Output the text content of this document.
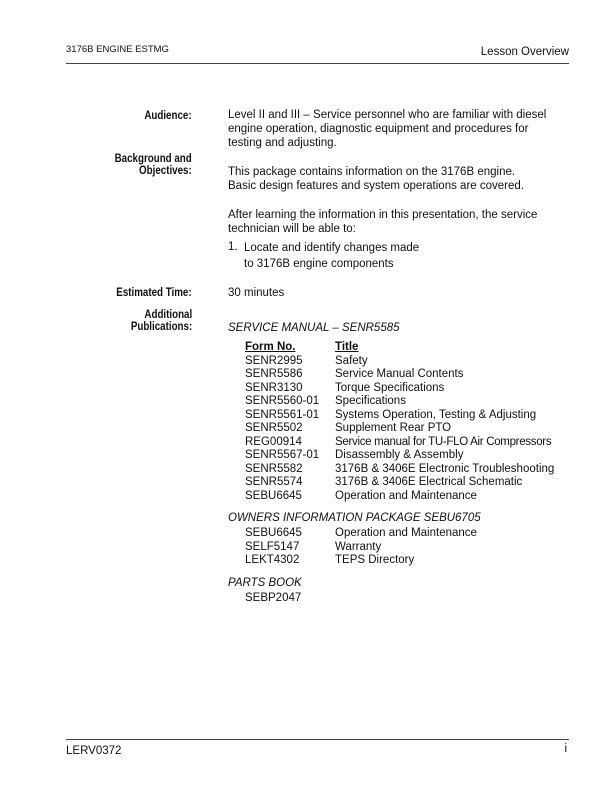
3176B ENGINE ESTMG	Lesson Overview
Audience:	Level II and III – Service personnel who are familiar with diesel
engine operation, diagnostic equipment and procedures for
testing and adjusting.
Background and
Objectives:	This package contains information on the 3176B engine.
Basic design features and system operations are covered.
After learning the information in this presentation, the service
technician will be able to:
1. Locate and identify changes made
to 3176B engine components
Estimated Time:	30 minutes
Additional
Publications:	SERVICE MANUAL – SENR5585
Form No.	Title
SENR2995	Safety
SENR5586	Service Manual Contents
SENR3130	Torque Specifications
SENR5560-01	Specifications
SENR5561-01	Systems Operation, Testing & Adjusting
SENR5502	Supplement Rear PTO
REG00914	Service manual for TU-FLO Air Compressors
SENR5567-01	Disassembly & Assembly
SENR5582	3176B & 3406E Electronic Troubleshooting
SENR5574	3176B & 3406E Electrical Schematic
SEBU6645	Operation and Maintenance
OWNERS INFORMATION PACKAGE SEBU6705
SEBU6645	Operation and Maintenance
SELF5147	Warranty
LEKT4302	TEPS Directory
PARTS BOOK
SEBP2047
LERV0372	i
